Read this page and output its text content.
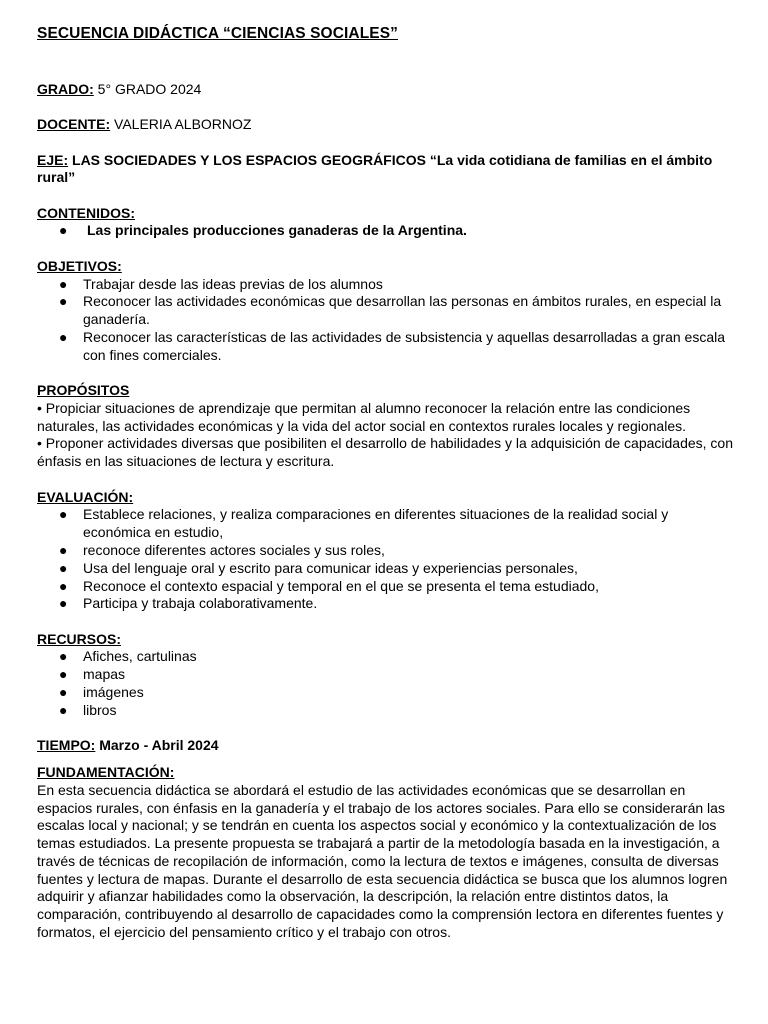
SECUENCIA DIDÁCTICA “CIENCIAS SOCIALES”

GRADO: 5° GRADO 2024

DOCENTE: VALERIA ALBORNOZ

EJE: LAS SOCIEDADES Y LOS ESPACIOS GEOGRÁFICOS “La vida cotidiana de familias en el ámbito rural”

CONTENIDOS:

● Las principales producciones ganaderas de la Argentina.

OBJETIVOS:

● Trabajar desde las ideas previas de los alumnos
● Reconocer las actividades económicas que desarrollan las personas en ámbitos rurales, en especial la ganadería.
● Reconocer las características de las actividades de subsistencia y aquellas desarrolladas a gran escala con fines comerciales.

PROPÓSITOS

• Propiciar situaciones de aprendizaje que permitan al alumno reconocer la relación entre las condiciones naturales, las actividades económicas y la vida del actor social en contextos rurales locales y regionales.

• Proponer actividades diversas que posibiliten el desarrollo de habilidades y la adquisición de capacidades, con énfasis en las situaciones de lectura y escritura.

EVALUACIÓN:

● Establece relaciones, y realiza comparaciones en diferentes situaciones de la realidad social y económica en estudio,
● reconoce diferentes actores sociales y sus roles,
● Usa del lenguaje oral y escrito para comunicar ideas y experiencias personales,
● Reconoce el contexto espacial y temporal en el que se presenta el tema estudiado,
● Participa y trabaja colaborativamente.

RECURSOS:

● Afiches, cartulinas
● mapas
● imágenes
● libros

TIEMPO: Marzo - Abril 2024

FUNDAMENTACIÓN:

En esta secuencia didáctica se abordará el estudio de las actividades económicas que se desarrollan en espacios rurales, con énfasis en la ganadería y el trabajo de los actores sociales. Para ello se considerarán las escalas local y nacional; y se tendrán en cuenta los aspectos social y económico y la contextualización de los temas estudiados. La presente propuesta se trabajará a partir de la metodología basada en la investigación, a través de técnicas de recopilación de información, como la lectura de textos e imágenes, consulta de diversas fuentes y lectura de mapas. Durante el desarrollo de esta secuencia didáctica se busca que los alumnos logren adquirir y afianzar habilidades como la observación, la descripción, la relación entre distintos datos, la comparación, contribuyendo al desarrollo de capacidades como la comprensión lectora en diferentes fuentes y formatos, el ejercicio del pensamiento crítico y el trabajo con otros.
